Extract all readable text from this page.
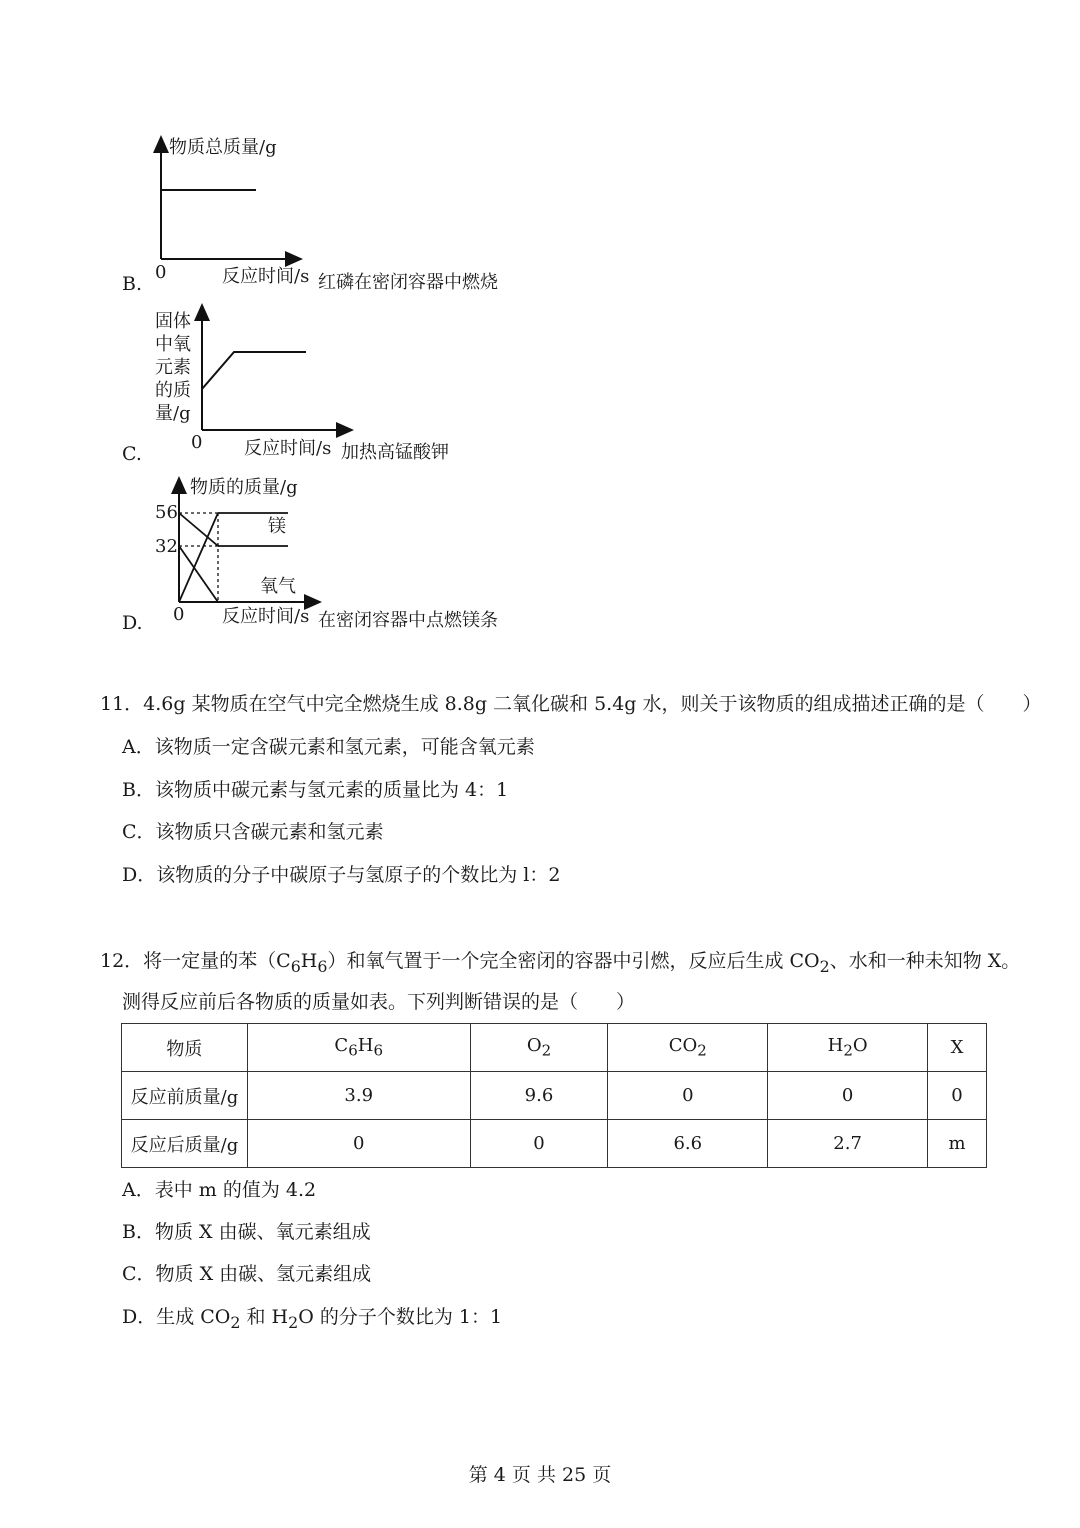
物质总质量/g
0	反应时间/s
B.	红磷在密闭容器中燃烧
固体
中氧
元素
的质
量/g
0 反应时间/s
C.	加热高锰酸钾
物质的质量/g
56
32
镁
氧气
0 反应时间/s
D.	在密闭容器中点燃镁条
11．4.6g 某物质在空气中完全燃烧生成 8.8g 二氧化碳和 5.4g 水，则关于该物质的组成描述正确的是（　　）
A．该物质一定含碳元素和氢元素，可能含氧元素
B．该物质中碳元素与氢元素的质量比为 4：1
C．该物质只含碳元素和氢元素
D．该物质的分子中碳原子与氢原子的个数比为 l：2
12．将一定量的苯$(C_6H_6)$和氧气置于一个完全密闭的容器中引燃，反应后生成 $CO_2$、水和一种未知物 X。
测得反应前后各物质的质量如表。下列判断错误的是（　　）
物质	$C_6H_6$	$O_2$	$CO_2$	$H_2O$	X
反应前质量/g	3.9	9.6	0	0	0
反应后质量/g	0	0	6.6	2.7	m
A．表中 m 的值为 4.2
B．物质 X 由碳、氧元素组成
C．物质 X 由碳、氢元素组成
D．生成 $CO_2$ 和 $H_2O$ 的分子个数比为 1：1
第 4 页 共 25 页
